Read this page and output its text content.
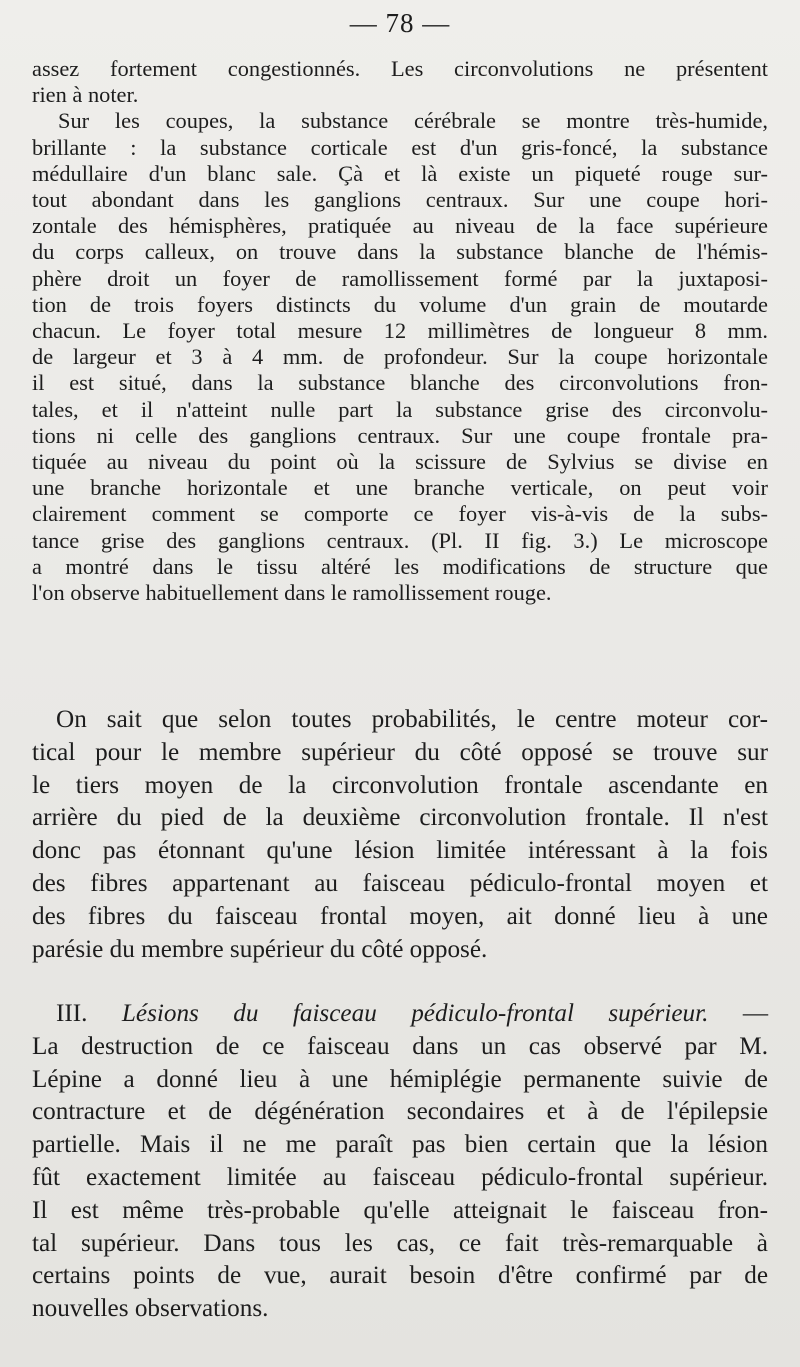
— 78 —
assez fortement congestionnés. Les circonvolutions ne présentent
rien à noter.
Sur les coupes, la substance cérébrale se montre très-humide,
brillante : la substance corticale est d'un gris-foncé, la substance
médullaire d'un blanc sale. Çà et là existe un piqueté rouge sur-
tout abondant dans les ganglions centraux. Sur une coupe hori-
zontale des hémisphères, pratiquée au niveau de la face supérieure
du corps calleux, on trouve dans la substance blanche de l'hémis-
phère droit un foyer de ramollissement formé par la juxtaposi-
tion de trois foyers distincts du volume d'un grain de moutarde
chacun. Le foyer total mesure 12 millimètres de longueur 8 mm.
de largeur et 3 à 4 mm. de profondeur. Sur la coupe horizontale
il est situé, dans la substance blanche des circonvolutions fron-
tales, et il n'atteint nulle part la substance grise des circonvolu-
tions ni celle des ganglions centraux. Sur une coupe frontale pra-
tiquée au niveau du point où la scissure de Sylvius se divise en
une branche horizontale et une branche verticale, on peut voir
clairement comment se comporte ce foyer vis-à-vis de la subs-
tance grise des ganglions centraux. (Pl. II fig. 3.) Le microscope
a montré dans le tissu altéré les modifications de structure que
l'on observe habituellement dans le ramollissement rouge.
On sait que selon toutes probabilités, le centre moteur cor-
tical pour le membre supérieur du côté opposé se trouve sur
le tiers moyen de la circonvolution frontale ascendante en
arrière du pied de la deuxième circonvolution frontale. Il n'est
donc pas étonnant qu'une lésion limitée intéressant à la fois
des fibres appartenant au faisceau pédiculo-frontal moyen et
des fibres du faisceau frontal moyen, ait donné lieu à une
parésie du membre supérieur du côté opposé.
III. Lésions du faisceau pédiculo-frontal supérieur. —
La destruction de ce faisceau dans un cas observé par M.
Lépine a donné lieu à une hémiplégie permanente suivie de
contracture et de dégénération secondaires et à de l'épilepsie
partielle. Mais il ne me paraît pas bien certain que la lésion
fût exactement limitée au faisceau pédiculo-frontal supérieur.
Il est même très-probable qu'elle atteignait le faisceau fron-
tal supérieur. Dans tous les cas, ce fait très-remarquable à
certains points de vue, aurait besoin d'être confirmé par de
nouvelles observations.
